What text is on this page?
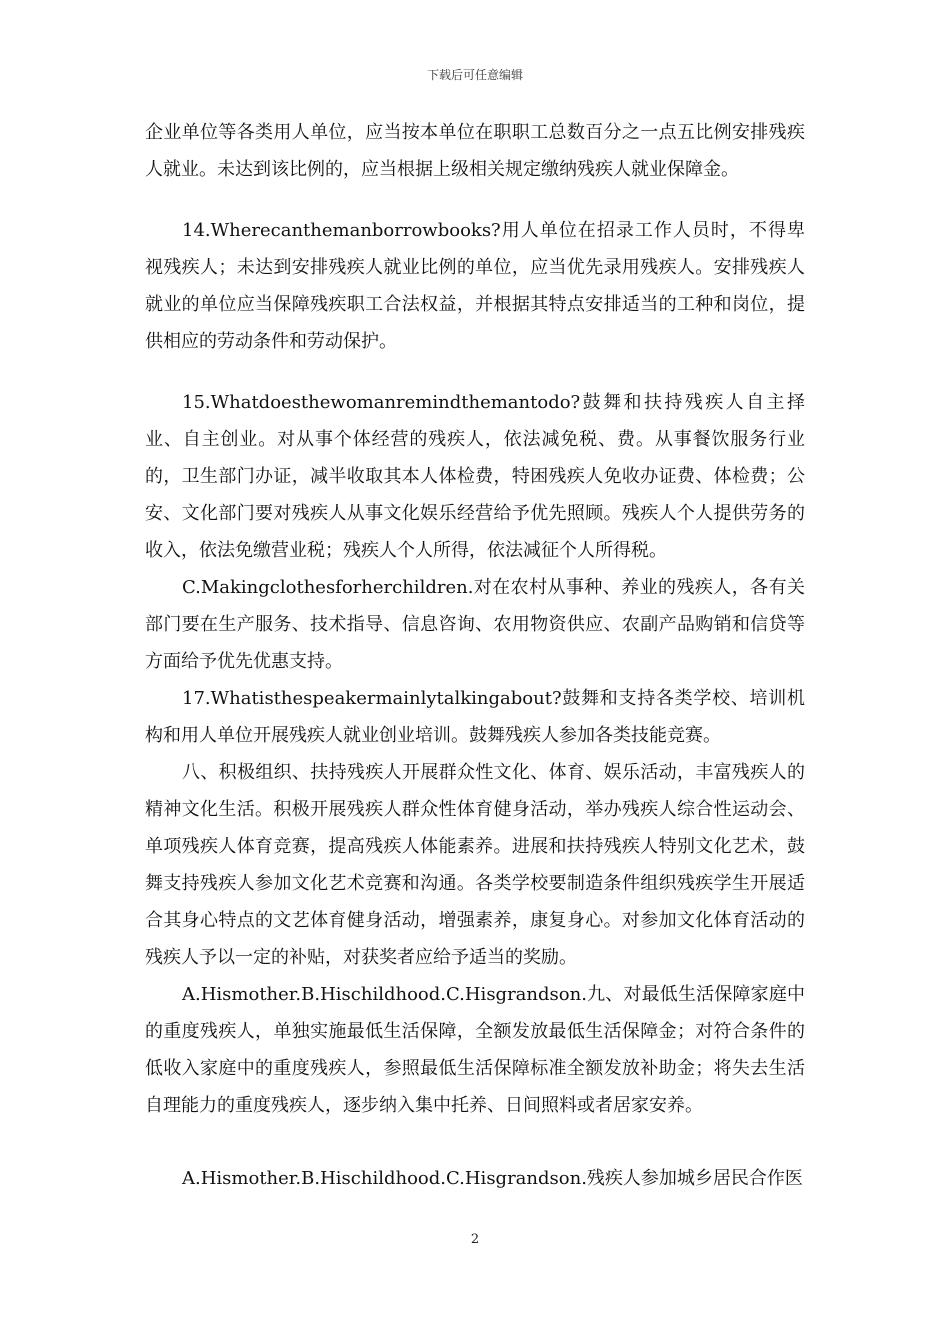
下载后可任意编辑

企业单位等各类用人单位，应当按本单位在职职工总数百分之一点五比例安排残疾人就业。未达到该比例的，应当根据上级相关规定缴纳残疾人就业保障金。

14.Wherecanthemanborrowbooks?用人单位在招录工作人员时，不得卑视残疾人；未达到安排残疾人就业比例的单位，应当优先录用残疾人。安排残疾人就业的单位应当保障残疾职工合法权益，并根据其特点安排适当的工种和岗位，提供相应的劳动条件和劳动保护。

15.Whatdoesthewomanremindthemantodo?鼓舞和扶持残疾人自主择业、自主创业。对从事个体经营的残疾人，依法减免税、费。从事餐饮服务行业的，卫生部门办证，减半收取其本人体检费，特困残疾人免收办证费、体检费；公安、文化部门要对残疾人从事文化娱乐经营给予优先照顾。残疾人个人提供劳务的收入，依法免缴营业税；残疾人个人所得，依法减征个人所得税。

C.Makingclothesforherchildren.对在农村从事种、养业的残疾人，各有关部门要在生产服务、技术指导、信息咨询、农用物资供应、农副产品购销和信贷等方面给予优先优惠支持。

17.Whatisthespeakermainlytalkingabout?鼓舞和支持各类学校、培训机构和用人单位开展残疾人就业创业培训。鼓舞残疾人参加各类技能竞赛。

八、积极组织、扶持残疾人开展群众性文化、体育、娱乐活动，丰富残疾人的精神文化生活。积极开展残疾人群众性体育健身活动，举办残疾人综合性运动会、单项残疾人体育竞赛，提高残疾人体能素养。进展和扶持残疾人特别文化艺术，鼓舞支持残疾人参加文化艺术竞赛和沟通。各类学校要制造条件组织残疾学生开展适合其身心特点的文艺体育健身活动，增强素养，康复身心。对参加文化体育活动的残疾人予以一定的补贴，对获奖者应给予适当的奖励。

A.Hismother.B.Hischildhood.C.Hisgrandson.九、对最低生活保障家庭中的重度残疾人，单独实施最低生活保障，全额发放最低生活保障金；对符合条件的低收入家庭中的重度残疾人，参照最低生活保障标准全额发放补助金；将失去生活自理能力的重度残疾人，逐步纳入集中托养、日间照料或者居家安养。

A.Hismother.B.Hischildhood.C.Hisgrandson.残疾人参加城乡居民合作医

2
